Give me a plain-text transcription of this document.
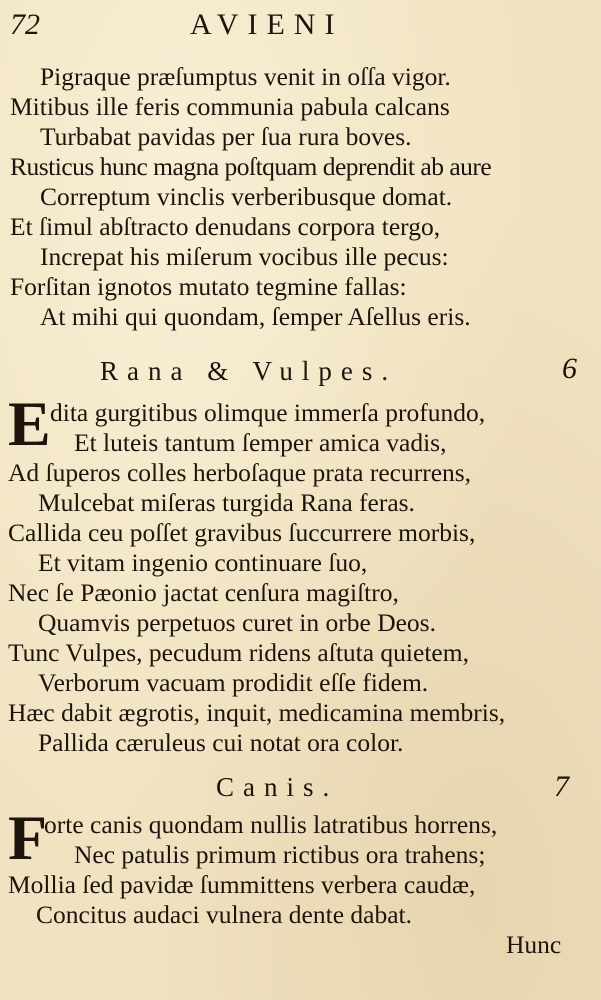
72	AVIENI
Pigraque præſumptus venit in oſſa vigor.
Mitibus ille feris communia pabula calcans
Turbabat pavidas per ſua rura boves.
Rusticus hunc magna poſtquam deprendit ab aure
Correptum vinclis verberibusque domat.
Et ſimul abſtracto denudans corpora tergo,
Increpat his miſerum vocibus ille pecus:
Forſitan ignotos mutato tegmine fallas:
At mihi qui quondam, ſemper Aſellus eris.
Rana & Vulpes.	6
E dita gurgitibus olimque immerſa profundo,
Et luteis tantum ſemper amica vadis,
Ad ſuperos colles herboſaque prata recurrens,
Mulcebat miſeras turgida Rana feras.
Callida ceu poſſet gravibus ſuccurrere morbis,
Et vitam ingenio continuare ſuo,
Nec ſe Pæonio jactat cenſura magiſtro,
Quamvis perpetuos curet in orbe Deos.
Tunc Vulpes, pecudum ridens aſtuta quietem,
Verborum vacuam prodidit eſſe fidem.
Hæc dabit ægrotis, inquit, medicamina membris,
Pallida cæruleus cui notat ora color.
Canis.	7
F
orte canis quondam nullis latratibus horrens,
Nec patulis primum rictibus ora trahens;
Mollia ſed pavidæ ſummittens verbera caudæ,
Concitus audaci vulnera dente dabat.
Hunc
